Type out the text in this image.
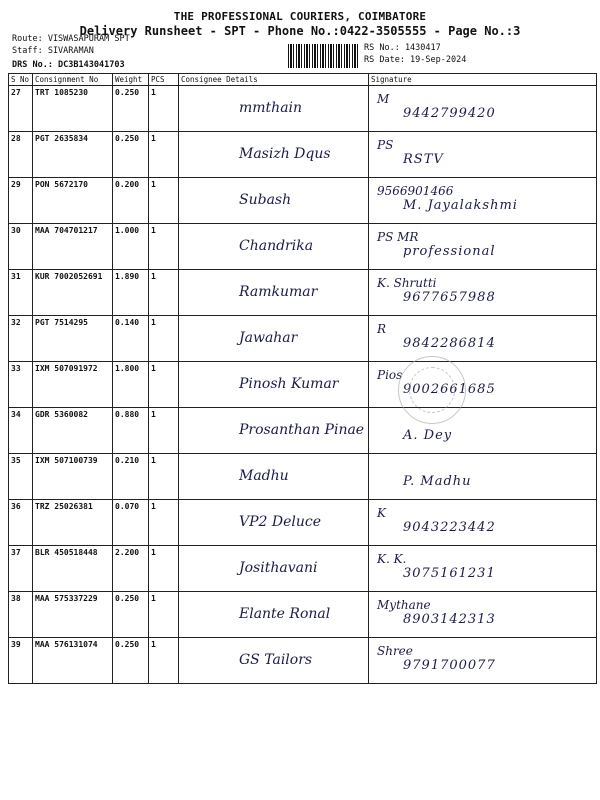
THE PROFESSIONAL COURIERS, COIMBATORE
Delivery Runsheet - SPT - Phone No.:0422-3505555 - Page No.:3
Route: VISWASAPURAM SPT
Staff: SIVARAMAN
DRS No.: DC3B143041703
RS No.: 1430417
RS Date: 19-Sep-2024
S No	Consignment No	Weight	PCS	Consignee Details	Signature
27	TRT 1085230	0.250	1	mmthain	M
9442799420

28	PGT 2635834	0.250	1	Masizh Dqus	PS
RSTV

29	PON 5672170	0.200	1	Subash	9566901466
M. Jayalakshmi

30	MAA 704701217	1.000	1	Chandrika	PS MR
professional

31	KUR 7002052691	1.890	1	Ramkumar	K. Shrutti
9677657988

32	PGT 7514295	0.140	1	Jawahar	R
9842286814

33	IXM 507091972	1.800	1	Pinosh Kumar	Pios
9002661685

34	GDR 5360082	0.880	1	Prosanthan Pinae	A. Dey

35	IXM 507100739	0.210	1	Madhu	P. Madhu

36	TRZ 25026381	0.070	1	VP2 Deluce	K
9043223442

37	BLR 450518448	2.200	1	Josithavani	K. K.
3075161231

38	MAA 575337229	0.250	1	Elante Ronal	Mythane
8903142313

39	MAA 576131074	0.250	1	GS Tailors	Shree
9791700077
